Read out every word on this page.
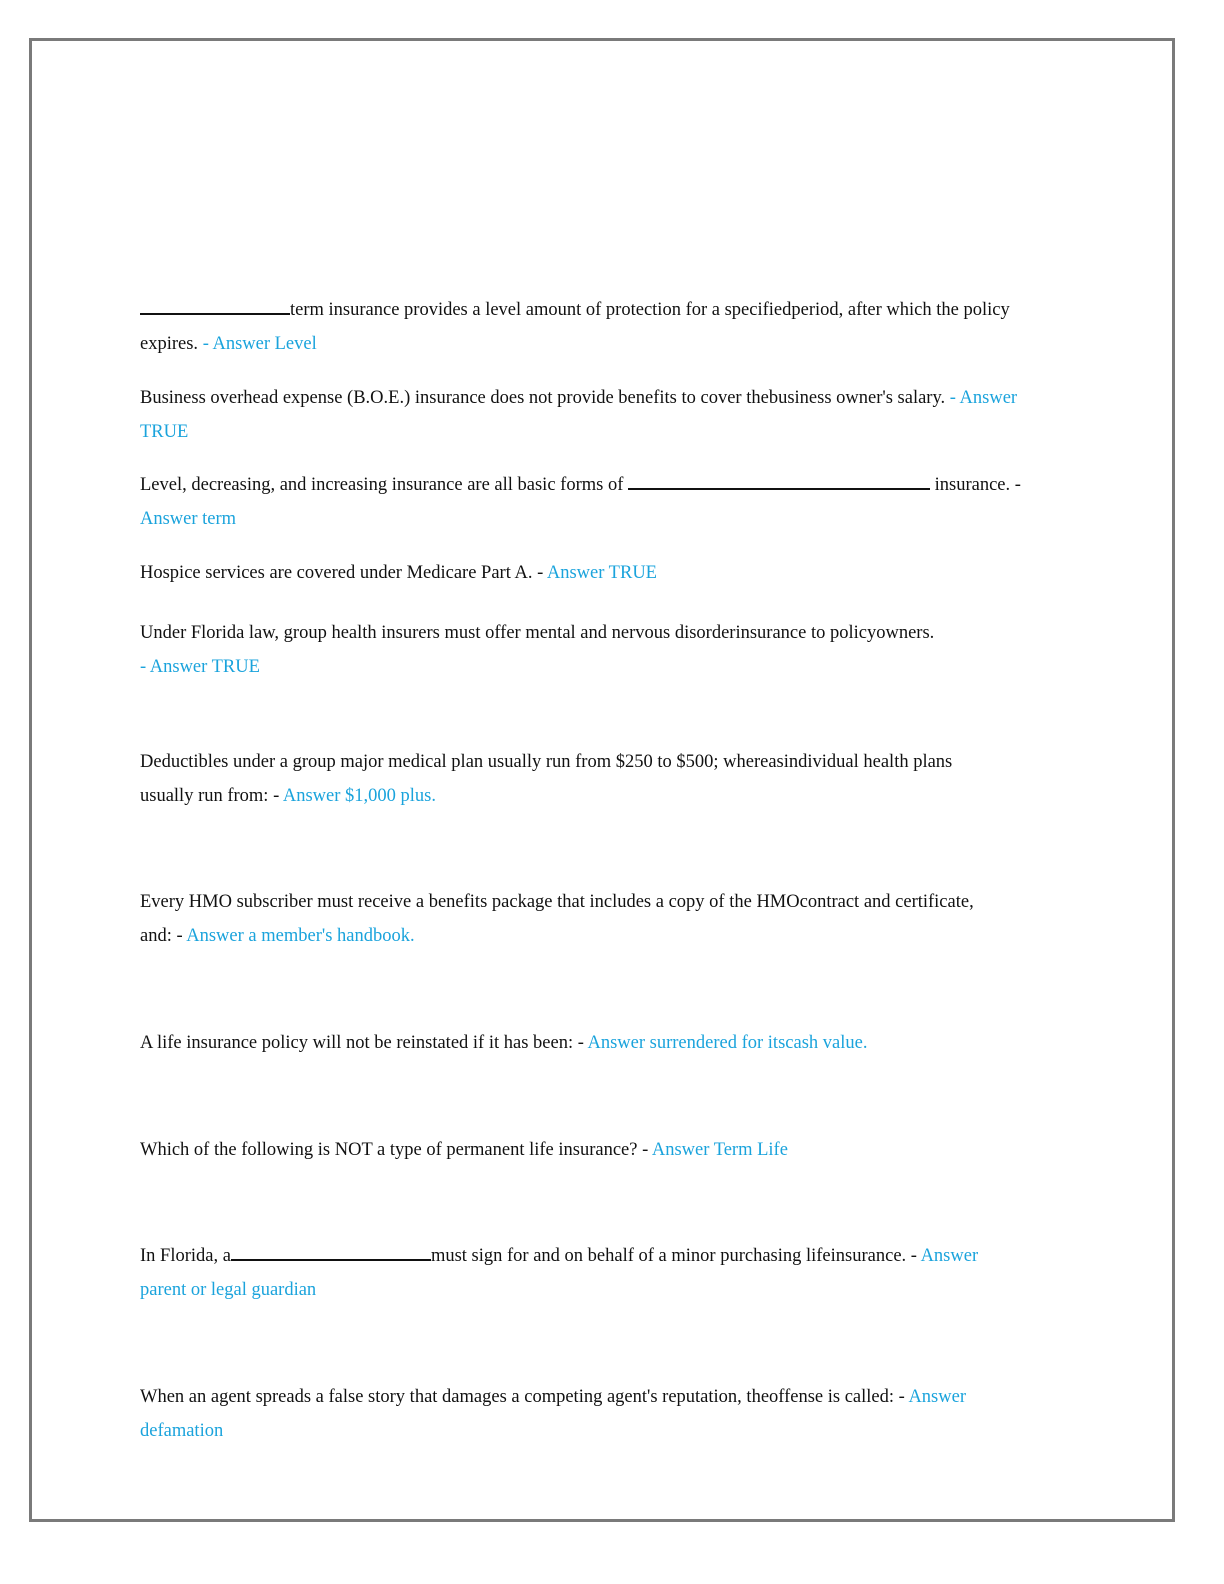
term insurance provides a level amount of protection for a specifiedperiod, after which the policy expires. - Answer Level

Business overhead expense (B.O.E.) insurance does not provide benefits to cover thebusiness owner's salary. - Answer TRUE

Level, decreasing, and increasing insurance are all basic forms of	insurance. - Answer term

Hospice services are covered under Medicare Part A. - Answer TRUE

Under Florida law, group health insurers must offer mental and nervous disorderinsurance to policyowners. - Answer TRUE

Deductibles under a group major medical plan usually run from $250 to $500; whereasindividual health plans usually run from: - Answer $1,000 plus.

Every HMO subscriber must receive a benefits package that includes a copy of the HMOcontract and certificate, and: - Answer a member's handbook.

A life insurance policy will not be reinstated if it has been: - Answer surrendered for itscash value.

Which of the following is NOT a type of permanent life insurance? - Answer Term Life

In Florida, a	must sign for and on behalf of a minor purchasing lifeinsurance. - Answer parent or legal guardian

When an agent spreads a false story that damages a competing agent's reputation, theoffense is called: - Answer defamation
